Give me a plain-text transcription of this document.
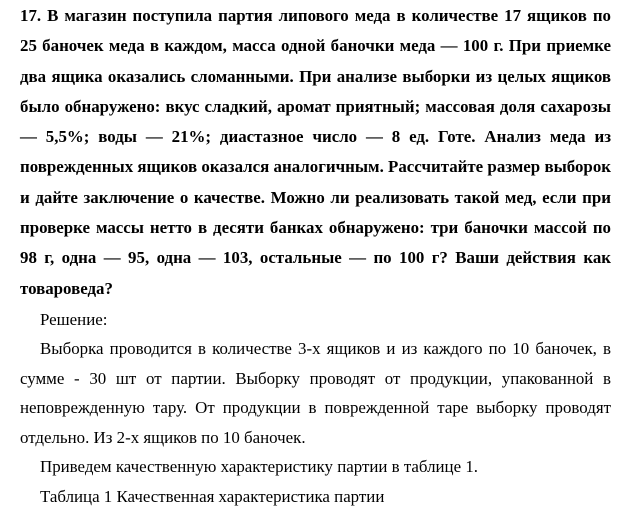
17. В магазин поступила партия липового меда в количестве 17 ящиков по 25 баночек меда в каждом, масса одной баночки меда — 100 г. При приемке два ящика оказались сломанными. При анализе выборки из целых ящиков было обнаружено: вкус сладкий, аромат приятный; массовая доля сахарозы — 5,5%; воды — 21%; диастазное число — 8 ед. Готе. Анализ меда из поврежденных ящиков оказался аналогичным. Рассчитайте размер выборок и дайте заключение о качестве. Можно ли реализовать такой мед, если при проверке массы нетто в десяти банках обнаружено: три баночки массой по 98 г, одна — 95, одна — 103, остальные — по 100 г? Ваши действия как товароведа?

Решение:

Выборка проводится в количестве 3-х ящиков и из каждого по 10 баночек, в сумме - 30 шт от партии. Выборку проводят от продукции, упакованной в неповрежденную тару. От продукции в поврежденной таре выборку проводят отдельно. Из 2-х ящиков по 10 баночек.

Приведем качественную характеристику партии в таблице 1.

Таблица 1 Качественная характеристика партии
